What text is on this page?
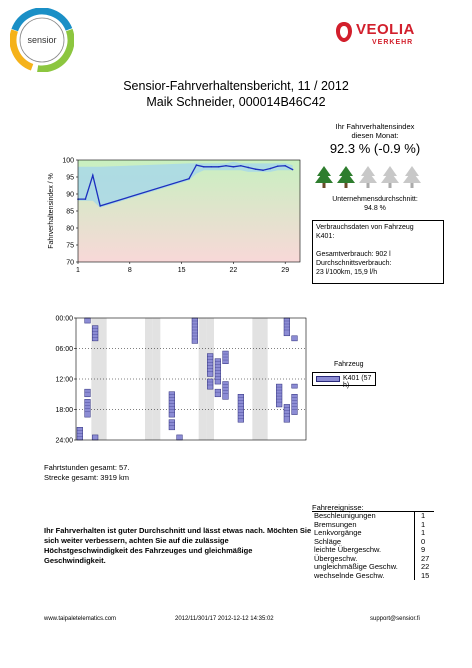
sensior
VEOLIA
VERKEHR
Sensior-Fahrverhaltensbericht, 11 / 2012
Maik Schneider, 000014B46C42
Ihr Fahrverhaltensindex
diesen Monat:
92.3 % (-0.9 %)
Unternehmensdurchschnitt:
94.8 %
Verbrauchsdaten von Fahrzeug
K401:
Gesamtverbrauch: 902 l
Durchschnittsverbrauch:
23 l/100km, 15,9 l/h
70
75
80
85
90
95
100
1	8	15	22	29
Fahrverhaltensindex / %
00:00
06:00
12:00
18:00
24:00
Fahrzeug
K401 (57 h)
Fahrtstunden gesamt: 57.
Strecke gesamt: 3919 km
Fahrereignisse:
Beschleunigungen	1
Bremsungen	1
Lenkvorgänge	1
Schläge	0
leichte Übergeschw.	9
Übergeschw.	27
ungleichmäßige Geschw.	22
wechselnde Geschw.	15
Ihr Fahrverhalten ist guter Durchschnitt und lässt etwas nach. Möchten Sie sich weiter verbessern, achten Sie auf die zulässige Höchstgeschwindigkeit des Fahrzeuges und gleichmäßige Geschwindigkeit.
www.taipaletelematics.com	2012/11/301/17 2012-12-12 14:35:02	support@sensior.fi
